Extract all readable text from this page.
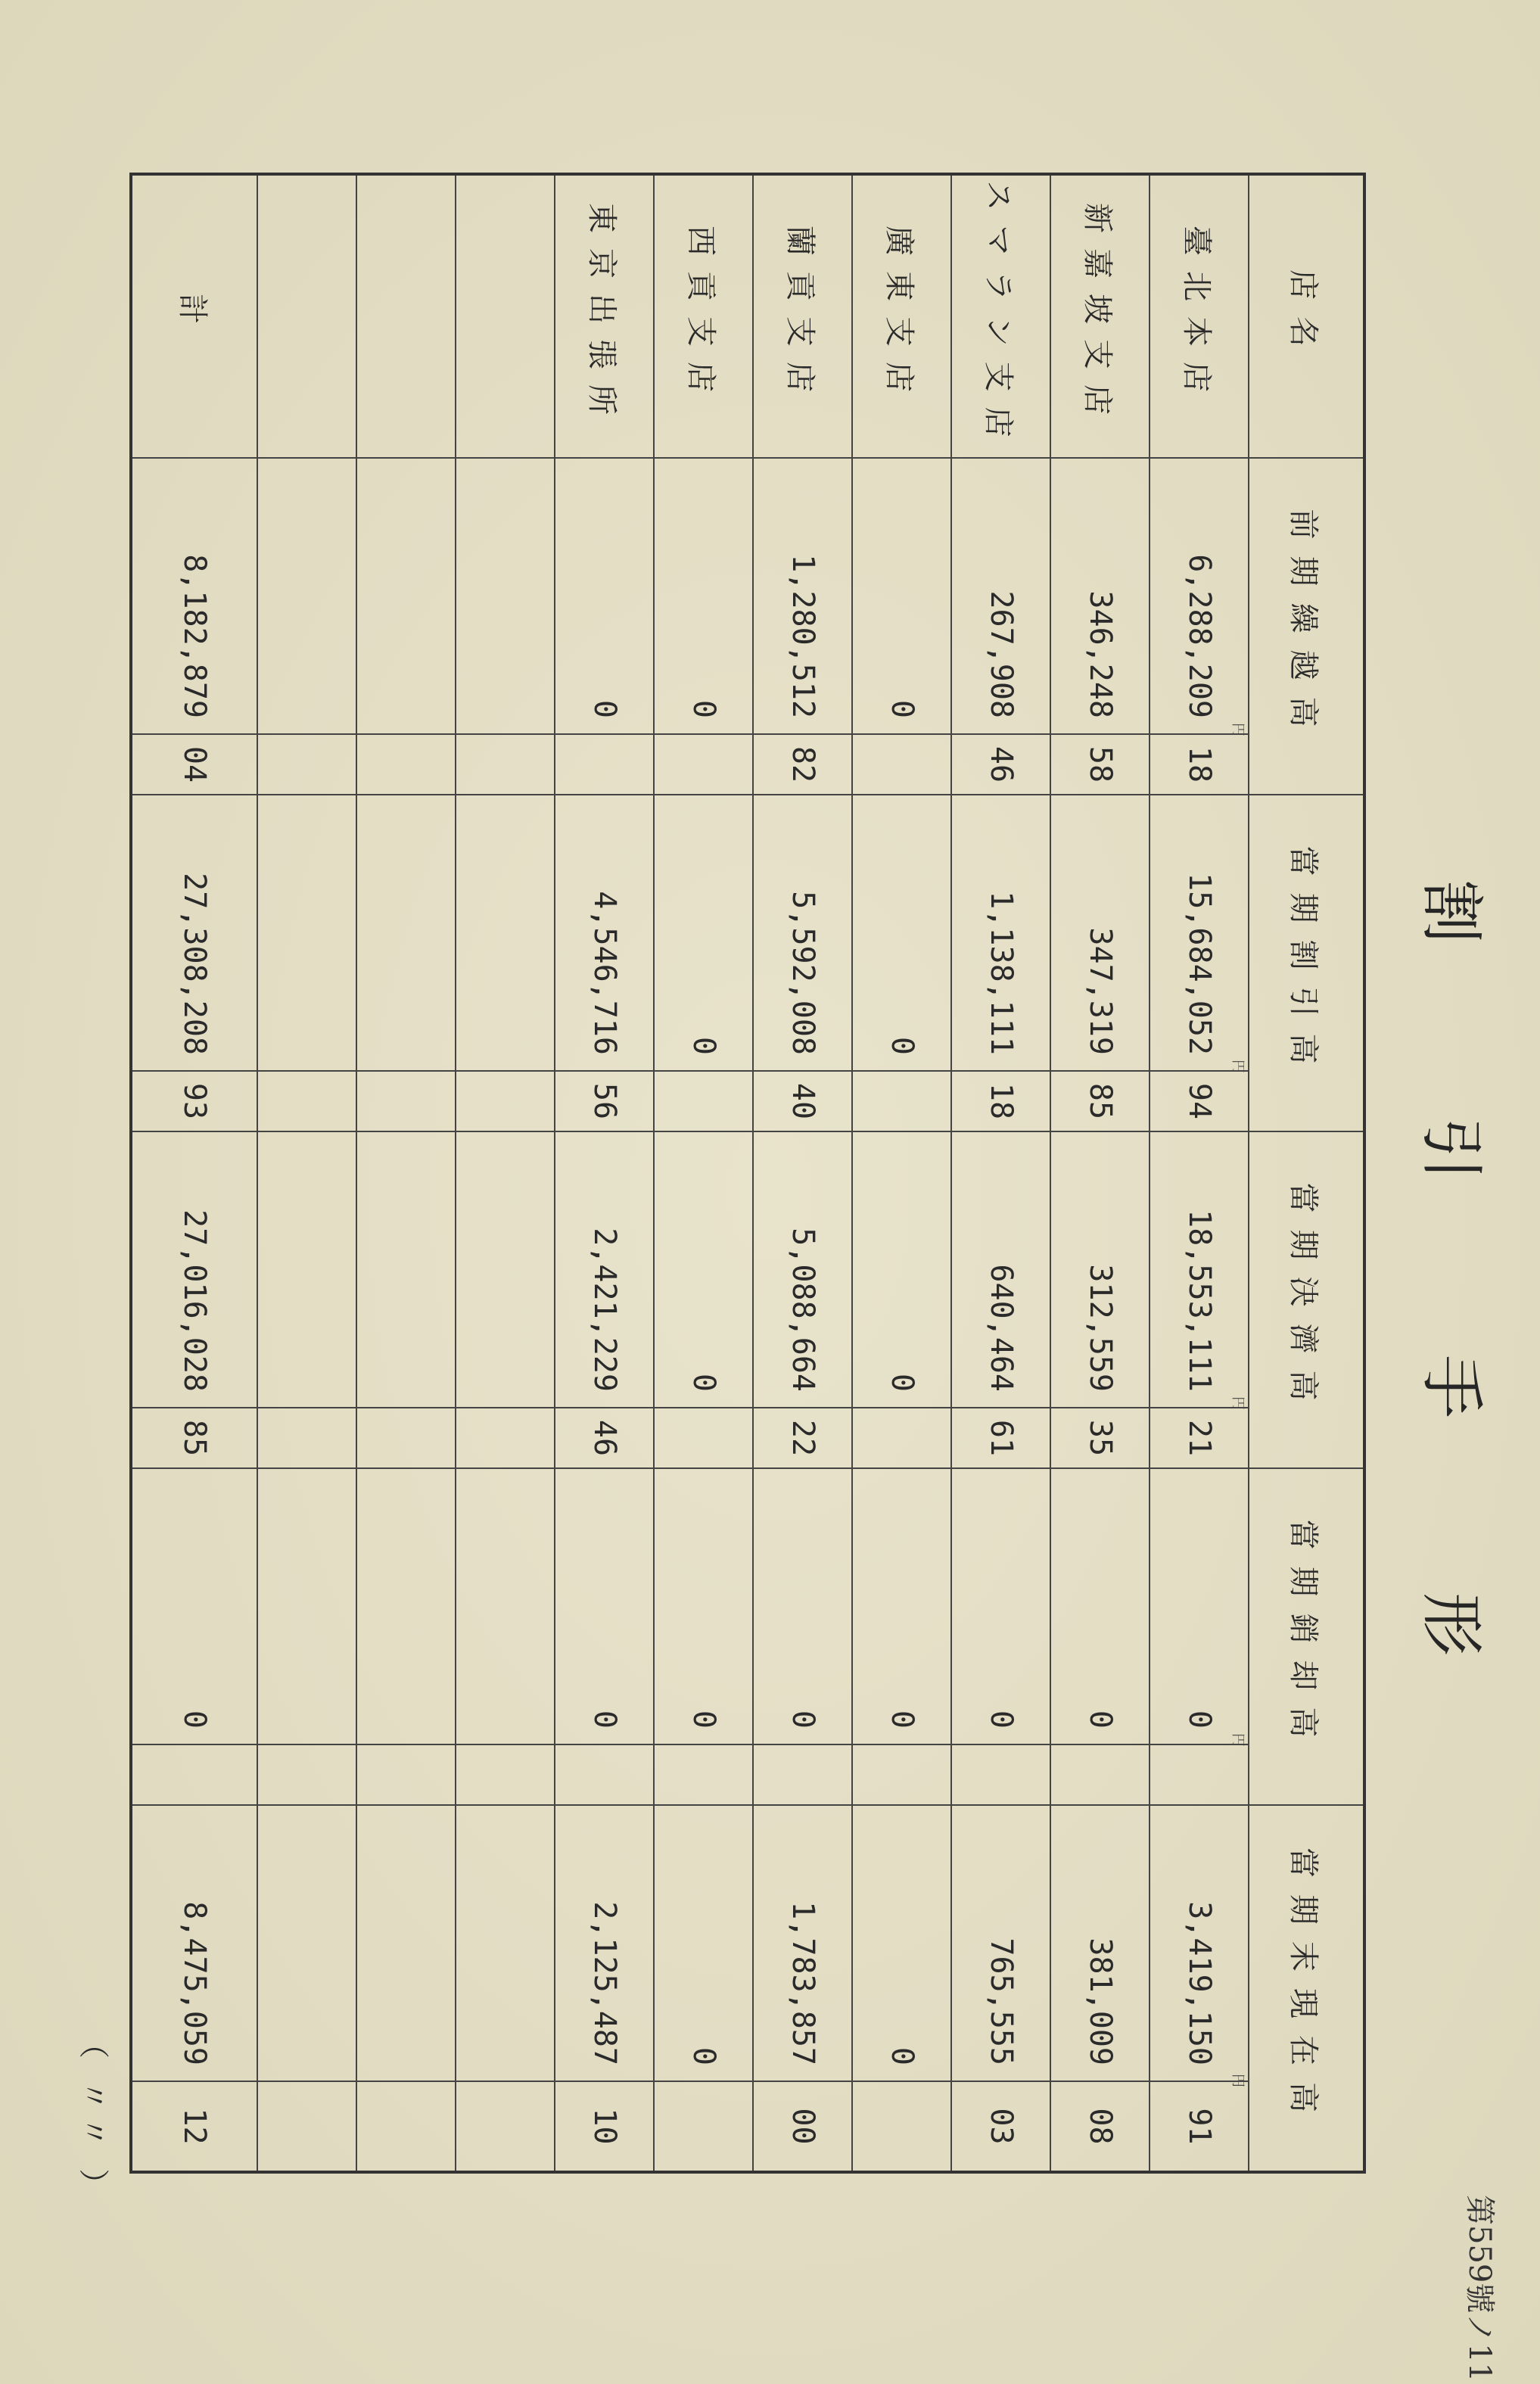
割引手形
第559號ノ11
店名	前期繰越高		當期割引高		當期決濟高		當期銷却高		當期末現在高	
臺北本店	6,288,209	18	15,684,052	94	18,553,111	21	0		3,419,150	91
新嘉坡支店	346,248	58	347,319	85	312,559	35	0		381,009	08
スマラン支店	267,908	46	1,138,111	18	640,464	61	0		765,555	03
廣東支店	0		0		0		0		0	
蘭貢支店	1,280,512	82	5,592,008	40	5,088,664	22	0		1,783,857	00
西貢支店	0		0		0		0		0	
東京出張所	0		4,546,716	56	2,421,229	46	0		2,125,487	10

計	8,182,879	04	27,308,208	93	27,016,028	85	0		8,475,059	12
円
円
円
円
円
（ 〃〃 ）
